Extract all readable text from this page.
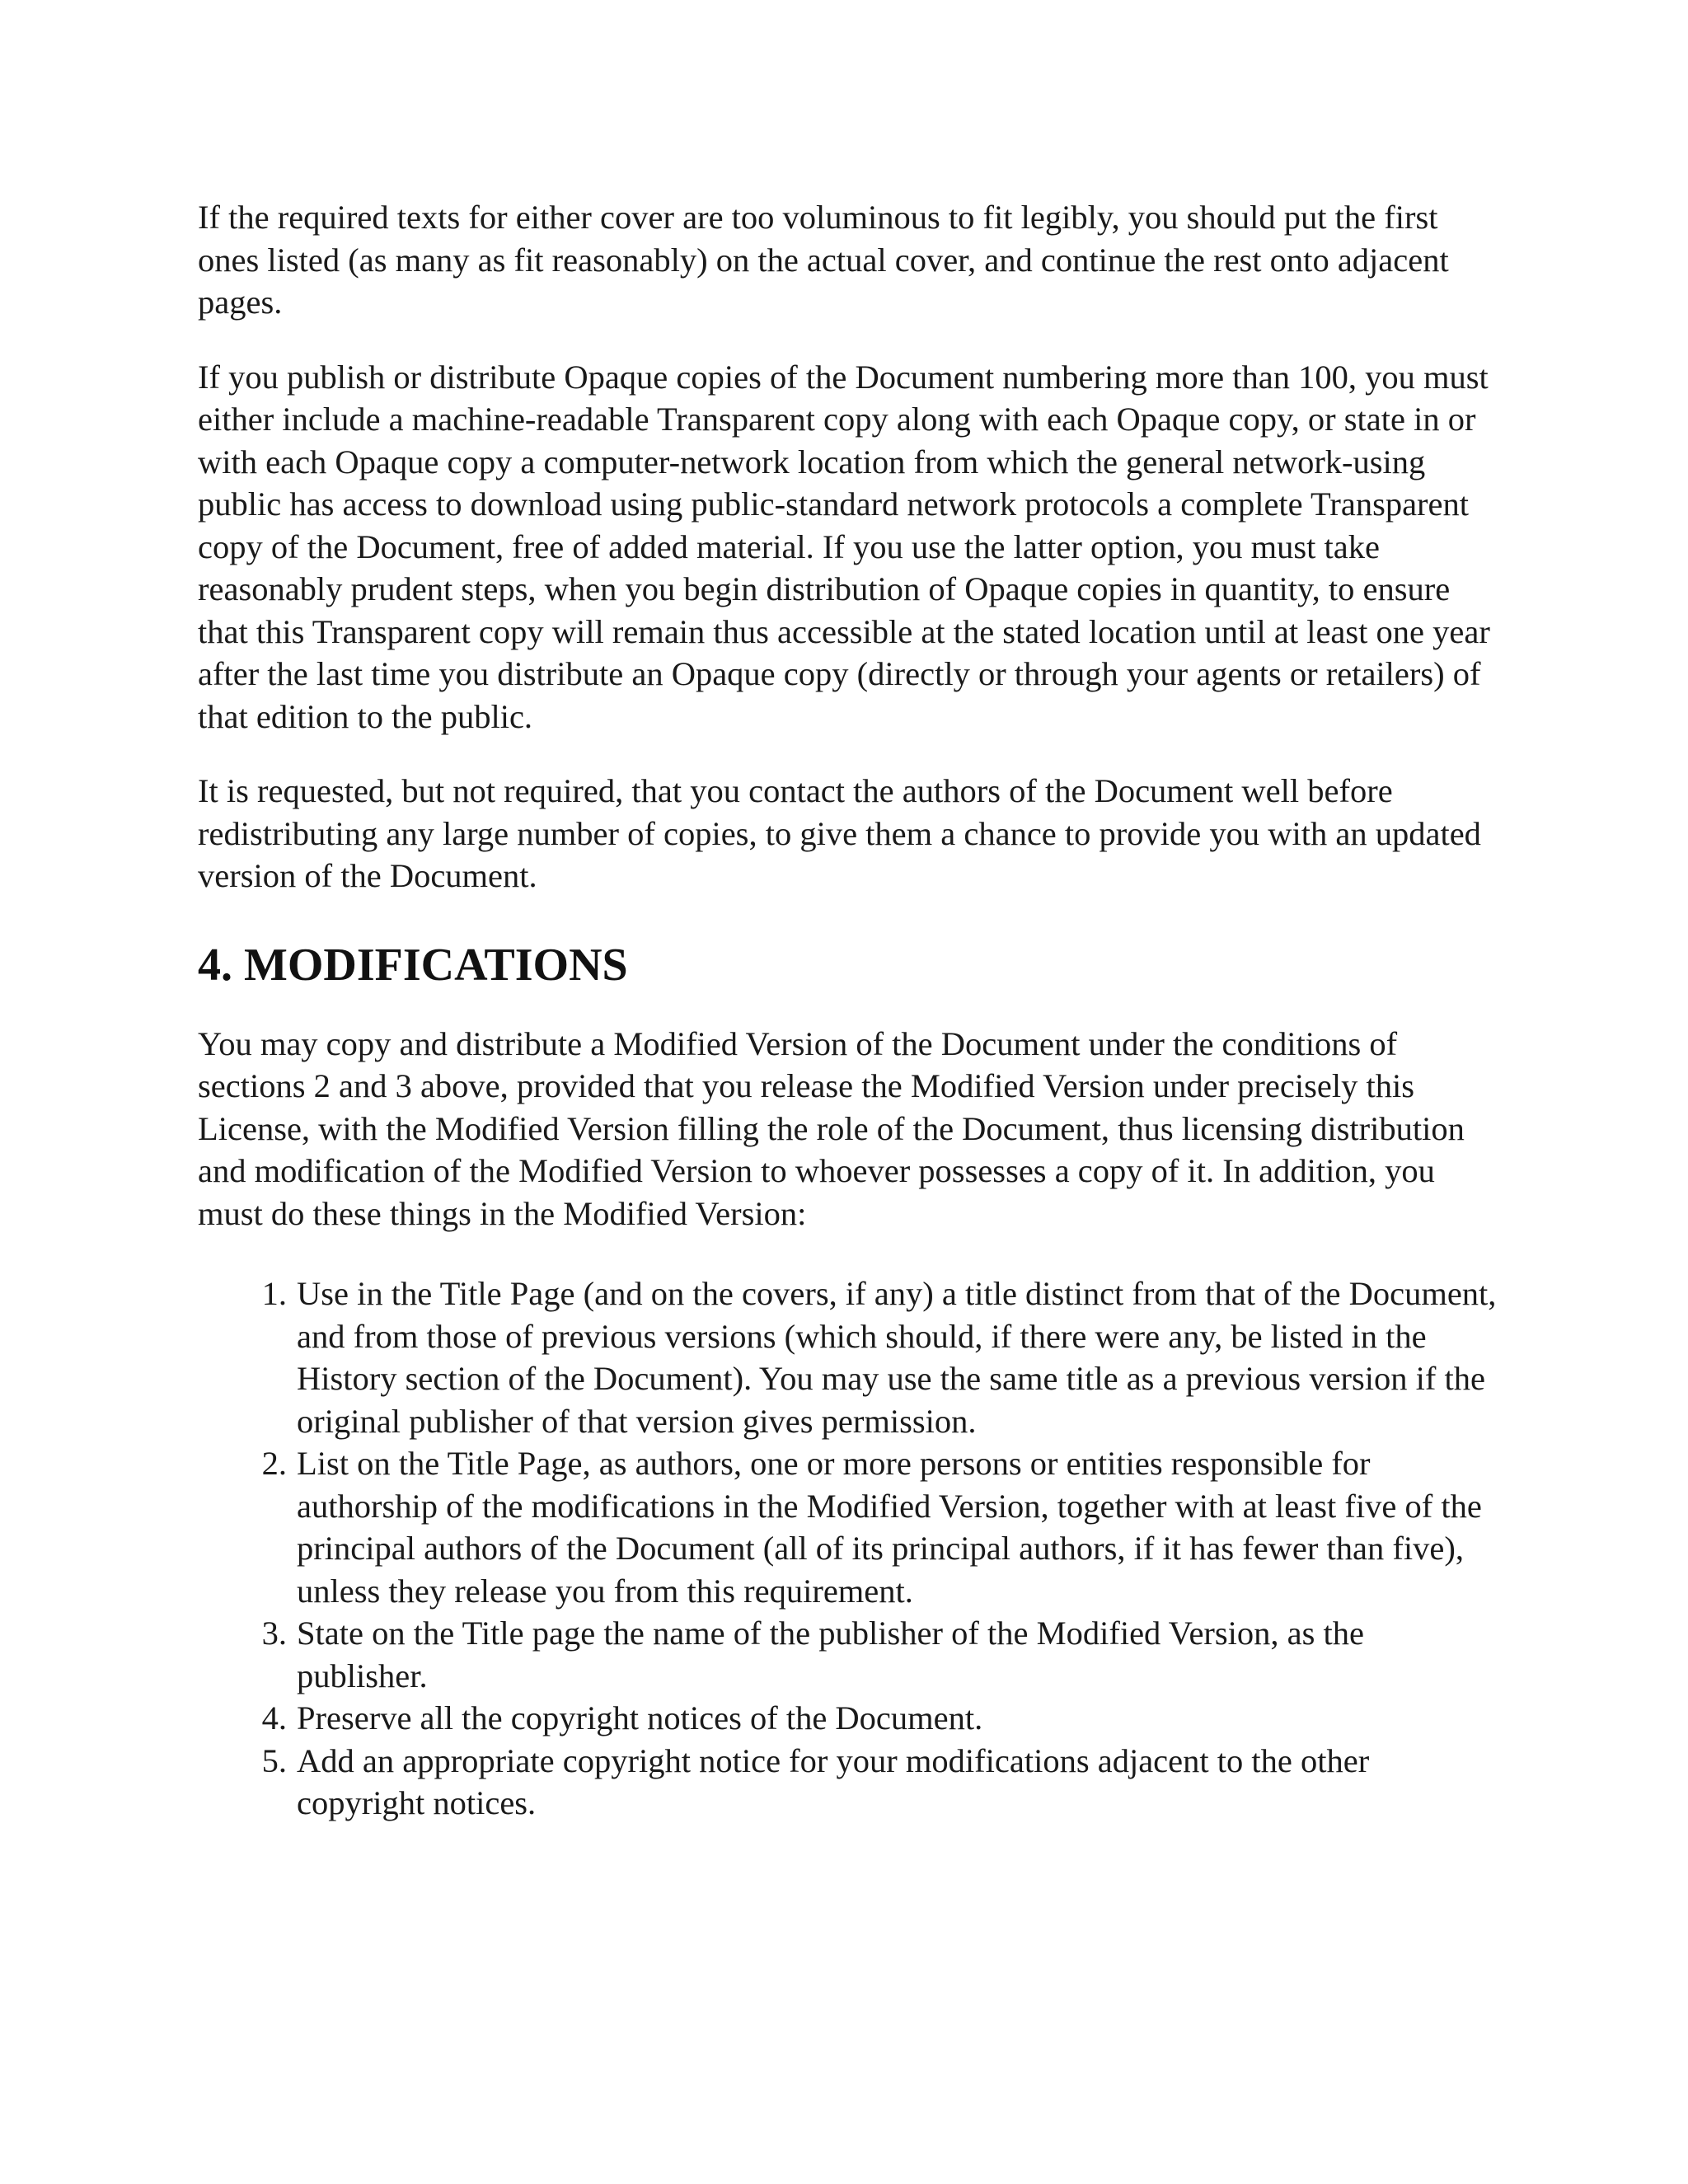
If the required texts for either cover are too voluminous to fit legibly, you should put the first ones listed (as many as fit reasonably) on the actual cover, and continue the rest onto adjacent pages.

If you publish or distribute Opaque copies of the Document numbering more than 100, you must either include a machine-readable Transparent copy along with each Opaque copy, or state in or with each Opaque copy a computer-network location from which the general network-using public has access to download using public-standard network protocols a complete Transparent copy of the Document, free of added material. If you use the latter option, you must take reasonably prudent steps, when you begin distribution of Opaque copies in quantity, to ensure that this Transparent copy will remain thus accessible at the stated location until at least one year after the last time you distribute an Opaque copy (directly or through your agents or retailers) of that edition to the public.

It is requested, but not required, that you contact the authors of the Document well before redistributing any large number of copies, to give them a chance to provide you with an updated version of the Document.

4. MODIFICATIONS

You may copy and distribute a Modified Version of the Document under the conditions of sections 2 and 3 above, provided that you release the Modified Version under precisely this License, with the Modified Version filling the role of the Document, thus licensing distribution and modification of the Modified Version to whoever possesses a copy of it. In addition, you must do these things in the Modified Version:

1. Use in the Title Page (and on the covers, if any) a title distinct from that of the Document, and from those of previous versions (which should, if there were any, be listed in the History section of the Document). You may use the same title as a previous version if the original publisher of that version gives permission.
2. List on the Title Page, as authors, one or more persons or entities responsible for authorship of the modifications in the Modified Version, together with at least five of the principal authors of the Document (all of its principal authors, if it has fewer than five), unless they release you from this requirement.
3. State on the Title page the name of the publisher of the Modified Version, as the publisher.
4. Preserve all the copyright notices of the Document.
5. Add an appropriate copyright notice for your modifications adjacent to the other copyright notices.
